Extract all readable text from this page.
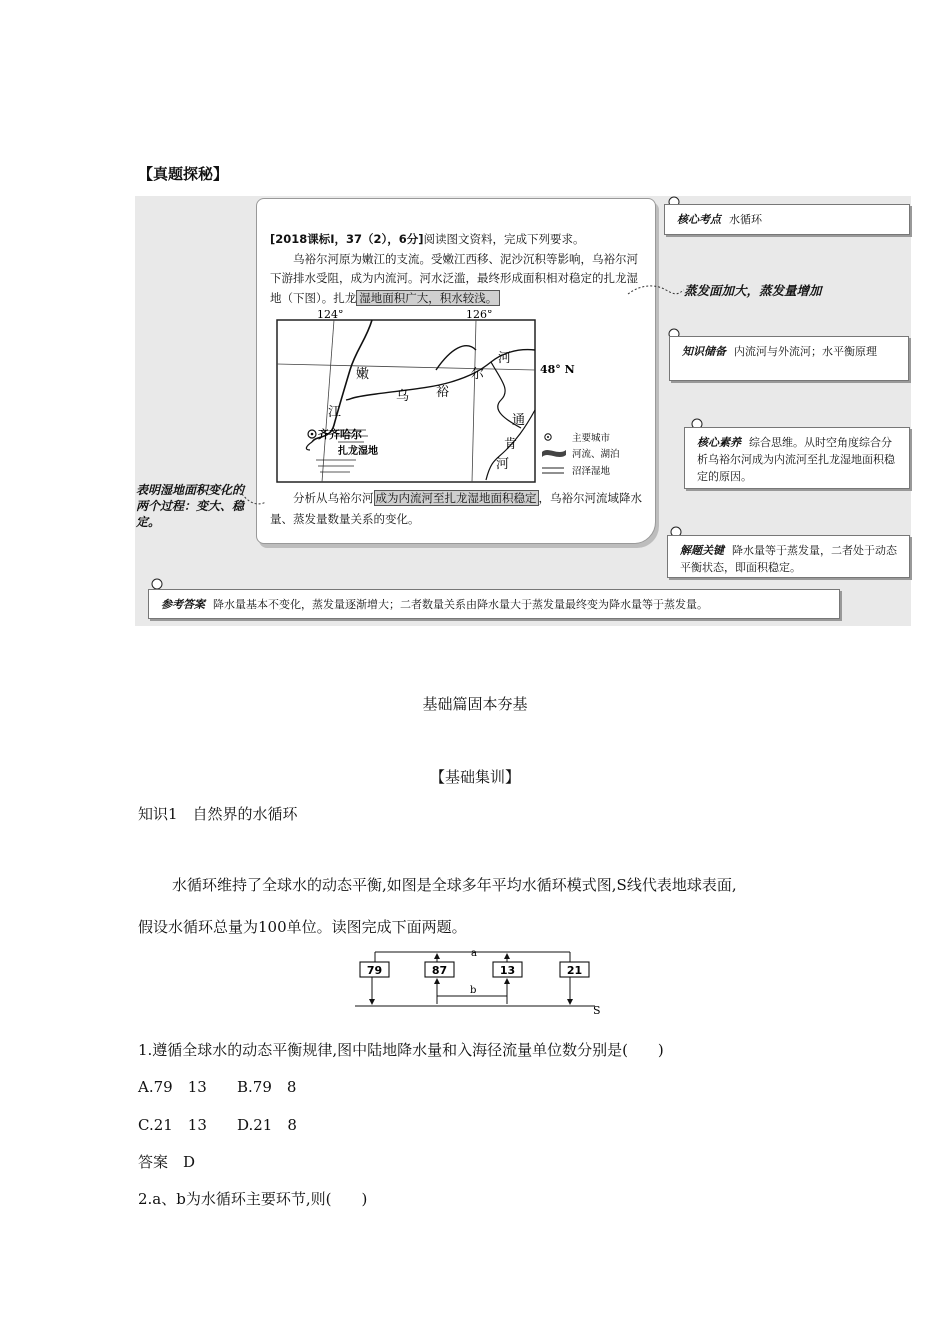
【真题探秘】
[2018课标Ⅰ，37（2），6分]阅读图文资料，完成下列要求。
乌裕尔河原为嫩江的支流。受嫩江西移、泥沙沉积等影响，乌裕尔河下游排水受阻，成为内流河。河水泛滥，最终形成面积相对稳定的扎龙湿地（下图）。扎龙 湿地面积广大，积水较浅。
124°	126°
48° N
嫩
江
乌 裕
尔
河
通
肯
河
齐齐哈尔
扎龙湿地
主要城市
河流、湖泊
沼泽湿地
分析从乌裕尔河 成为内流河至扎龙湿地面积稳定 ，乌裕尔河流域降水量、蒸发量数量关系的变化。
核心考点 水循环
蒸发面加大，蒸发量增加
知识储备 内流河与外流河；水平衡原理
核心素养 综合思维。从时空角度综合分析乌裕尔河成为内流河至扎龙湿地面积稳定的原因。
解题关键 降水量等于蒸发量，二者处于动态平衡状态，即面积稳定。
表明湿地面积变化的两个过程：变大、稳定。
参考答案 降水量基本不变化，蒸发量逐渐增大；二者数量关系由降水量大于蒸发量最终变为降水量等于蒸发量。
基础篇固本夯基
【基础集训】
知识1　自然界的水循环
水循环维持了全球水的动态平衡,如图是全球多年平均水循环模式图,S线代表地球表面,
假设水循环总量为100单位。读图完成下面两题。
S
a
79	87	13	21
b
1.遵循全球水的动态平衡规律,图中陆地降水量和入海径流量单位数分别是(　　)
A.79　13 B.79　8
C.21　13 D.21　8
答案　D
2.a、b为水循环主要环节,则(　　)
